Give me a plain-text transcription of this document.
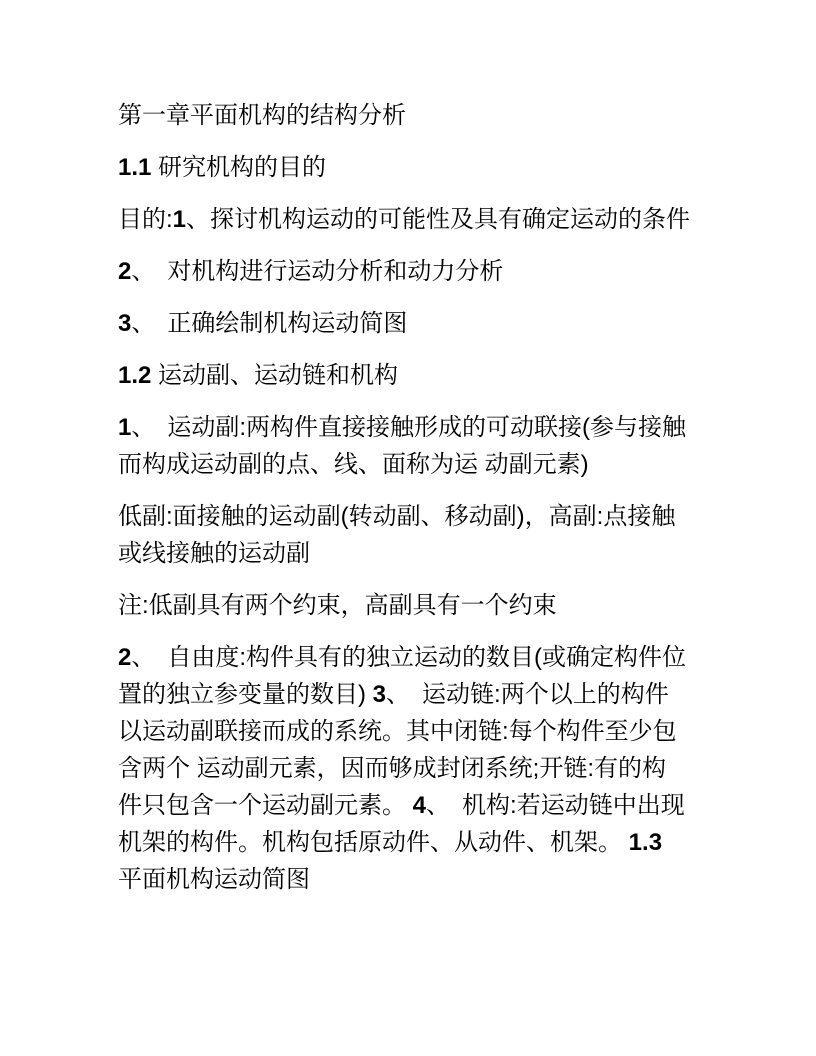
第一章平面机构的结构分析
1.1 研究机构的目的
目的:1、探讨机构运动的可能性及具有确定运动的条件
2、　对机构进行运动分析和动力分析
3、　正确绘制机构运动简图
1.2 运动副、运动链和机构
1、　运动副:两构件直接接触形成的可动联接(参与接触
而构成运动副的点、线、面称为运 动副元素)
低副:面接触的运动副(转动副、移动副)，高副:点接触
或线接触的运动副
注:低副具有两个约束，高副具有一个约束
2、　自由度:构件具有的独立运动的数目(或确定构件位
置的独立参变量的数目) 3、　运动链:两个以上的构件
以运动副联接而成的系统。其中闭链:每个构件至少包
含两个 运动副元素，因而够成封闭系统;开链:有的构
件只包含一个运动副元素。 4、　机构:若运动链中出现
机架的构件。机构包括原动件、从动件、机架。 1.3
平面机构运动简图
